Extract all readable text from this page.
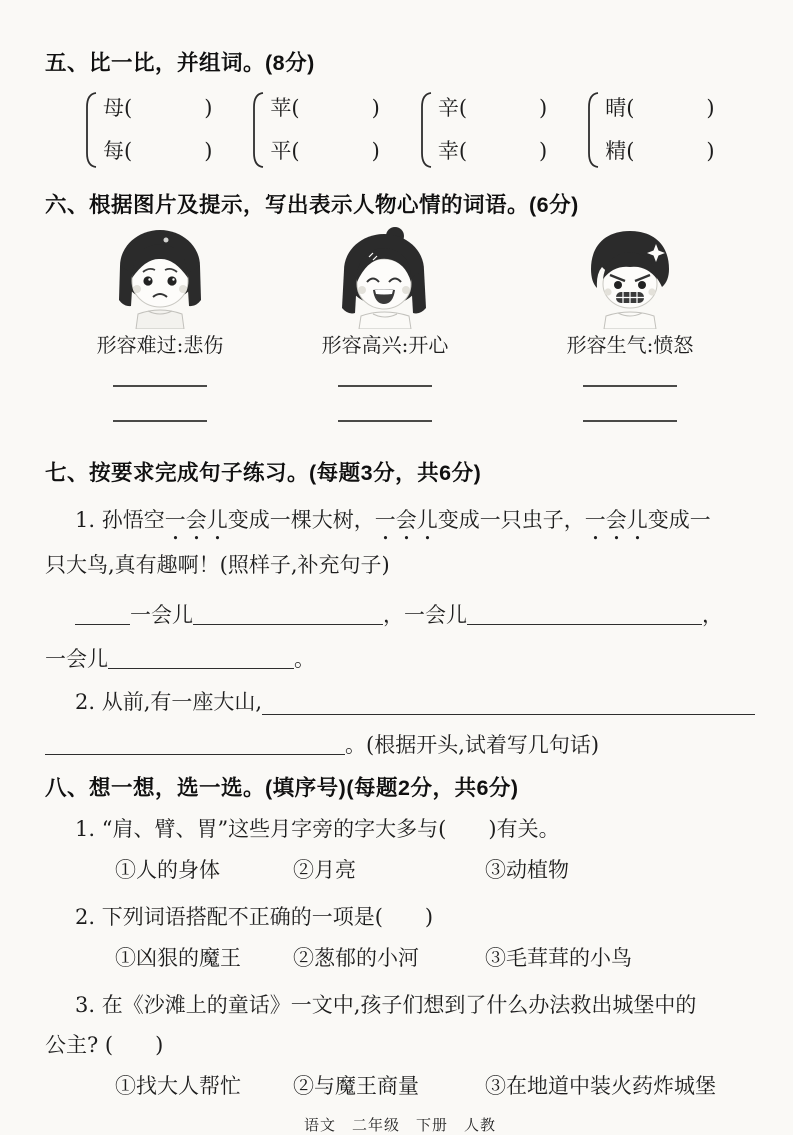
五、比一比，并组词。(8分)
母(	)
每(	)
苹(	)
平(	)
辛(	)
幸(	)
晴(	)
精(	)
六、根据图片及提示，写出表示人物心情的词语。(6分)
形容难过:悲伤	形容高兴:开心	形容生气:愤怒
七、按要求完成句子练习。(每题3分，共6分)
1. 孙悟空一会儿变成一棵大树，一会儿变成一只虫子，一会儿变成一
只大鸟,真有趣啊！(照样子,补充句子)
一会儿	，一会儿	，
一会儿	。
2. 从前,有一座大山,
。(根据开头,试着写几句话)
八、想一想，选一选。(填序号)(每题2分，共6分)
1. “肩、臂、胃”这些月字旁的字大多与(　　)有关。
①人的身体	②月亮	③动植物
2. 下列词语搭配不正确的一项是(　　)
①凶狠的魔王	②葱郁的小河	③毛茸茸的小鸟
3. 在《沙滩上的童话》一文中,孩子们想到了什么办法救出城堡中的
公主? (　　)
①找大人帮忙	②与魔王商量	③在地道中装火药炸城堡
语文　二年级　下册　人教
